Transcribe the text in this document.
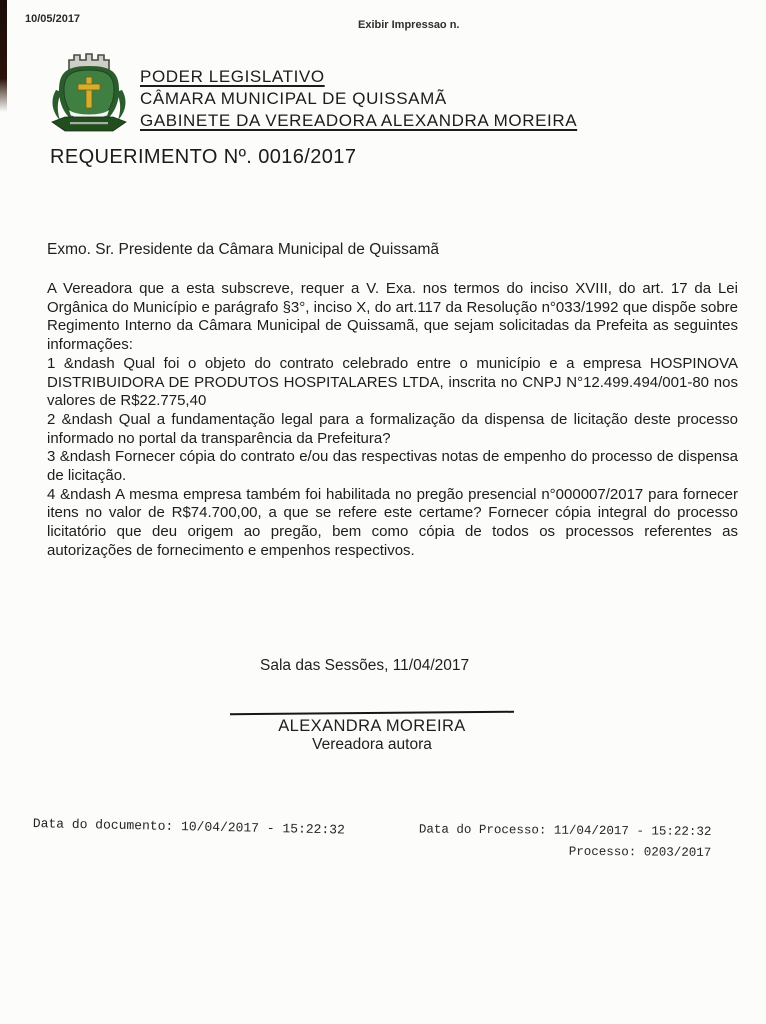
10/05/2017	Exibir Impressao n.
PODER LEGISLATIVO
CÂMARA MUNICIPAL DE QUISSAMÃ
GABINETE DA VEREADORA ALEXANDRA MOREIRA
REQUERIMENTO Nº. 0016/2017

Exmo. Sr. Presidente da Câmara Municipal de Quissamã

A Vereadora que a esta subscreve, requer a V. Exa. nos termos do inciso XVIII, do art. 17 da Lei Orgânica do Município e parágrafo §3°, inciso X, do art.117 da Resolução n°033/1992 que dispõe sobre Regimento Interno da Câmara Municipal de Quissamã, que sejam solicitadas da Prefeita as seguintes informações:

1 &ndash Qual foi o objeto do contrato celebrado entre o município e a empresa HOSPINOVA DISTRIBUIDORA DE PRODUTOS HOSPITALARES LTDA, inscrita no CNPJ N°12.499.494/001-80 nos valores de R$22.775,40

2 &ndash Qual a fundamentação legal para a formalização da dispensa de licitação deste processo informado no portal da transparência da Prefeitura?

3 &ndash Fornecer cópia do contrato e/ou das respectivas notas de empenho do processo de dispensa de licitação.

4 &ndash A mesma empresa também foi habilitada no pregão presencial n°000007/2017 para fornecer itens no valor de R$74.700,00, a que se refere este certame? Fornecer cópia integral do processo licitatório que deu origem ao pregão, bem como cópia de todos os processos referentes as autorizações de fornecimento e empenhos respectivos.

Sala das Sessões, 11/04/2017

ALEXANDRA MOREIRA
Vereadora autora
Data do documento: 10/04/2017 - 15:22:32	Data do Processo: 11/04/2017 - 15:22:32
Processo: 0203/2017
